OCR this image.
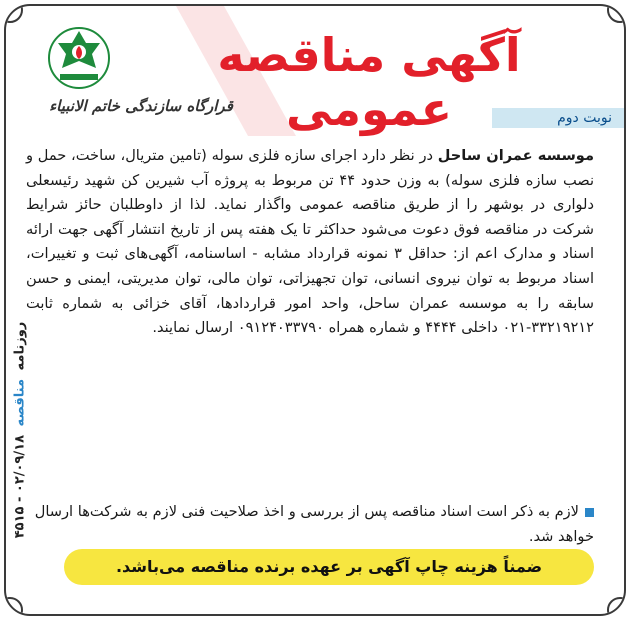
قرارگاه سازندگی خاتم الانبیاء
آگهی مناقصه عمومی	نوبت دوم
روزنامه مناقصه ۰۲/۰۹/۱۸ - ۴۵۱۵
موسسه عمران ساحل در نظر دارد اجرای سازه فلزی سوله (تامین متریال، ساخت، حمل و نصب سازه فلزی سوله) به وزن حدود ۴۴ تن مربوط به پروژه آب شیرین کن شهید رئیسعلی دلواری در بوشهر را از طریق مناقصه عمومی واگذار نماید. لذا از داوطلبان حائز شرایط شرکت در مناقصه فوق دعوت می‌شود حداکثر تا یک هفته پس از تاریخ انتشار آگهی جهت ارائه اسناد و مدارک اعم از: حداقل ۳ نمونه قرارداد مشابه - اساسنامه، آگهی‌های ثبت و تغییرات، اسناد مربوط به توان نیروی انسانی، توان تجهیزاتی، توان مالی، توان مدیریتی، ایمنی و حسن سابقه را به موسسه عمران ساحل، واحد امور قراردادها، آقای خزائی به شماره ثابت ۳۳۲۱۹۲۱۲-۰۲۱ داخلی ۴۴۴۴ و شماره همراه ۰۹۱۲۴۰۳۳۷۹۰ ارسال نمایند.
لازم به ذکر است اسناد مناقصه پس از بررسی و اخذ صلاحیت فنی لازم به شرکت‌ها ارسال خواهد شد.
ضمناً هزینه چاپ آگهی بر عهده برنده مناقصه می‌باشد.
